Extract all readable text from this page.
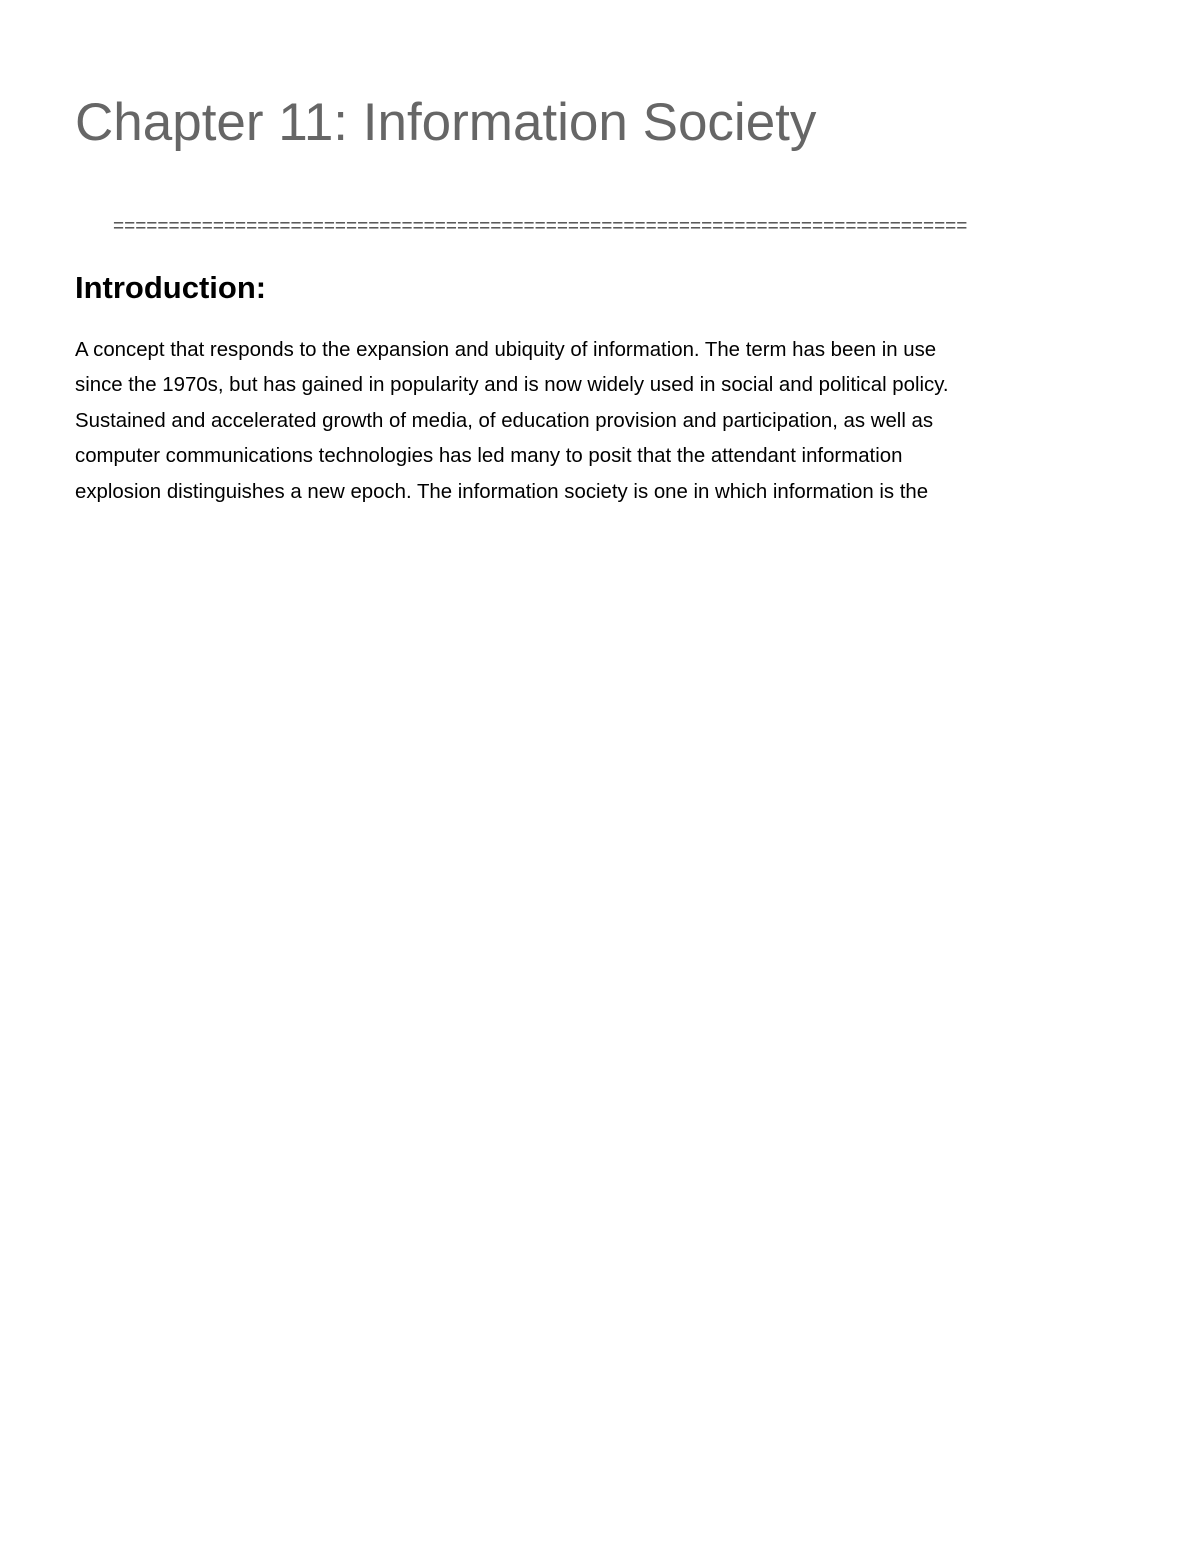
Chapter 11: Information Society
=============================================================================
Introduction:
A concept that responds to the expansion and ubiquity of information. The term has been in use
since the 1970s, but has gained in popularity and is now widely used in social and political policy.
Sustained and accelerated growth of media, of education provision and participation, as well as
computer communications technologies has led many to posit that the attendant information
explosion distinguishes a new epoch. The information society is one in which information is the
